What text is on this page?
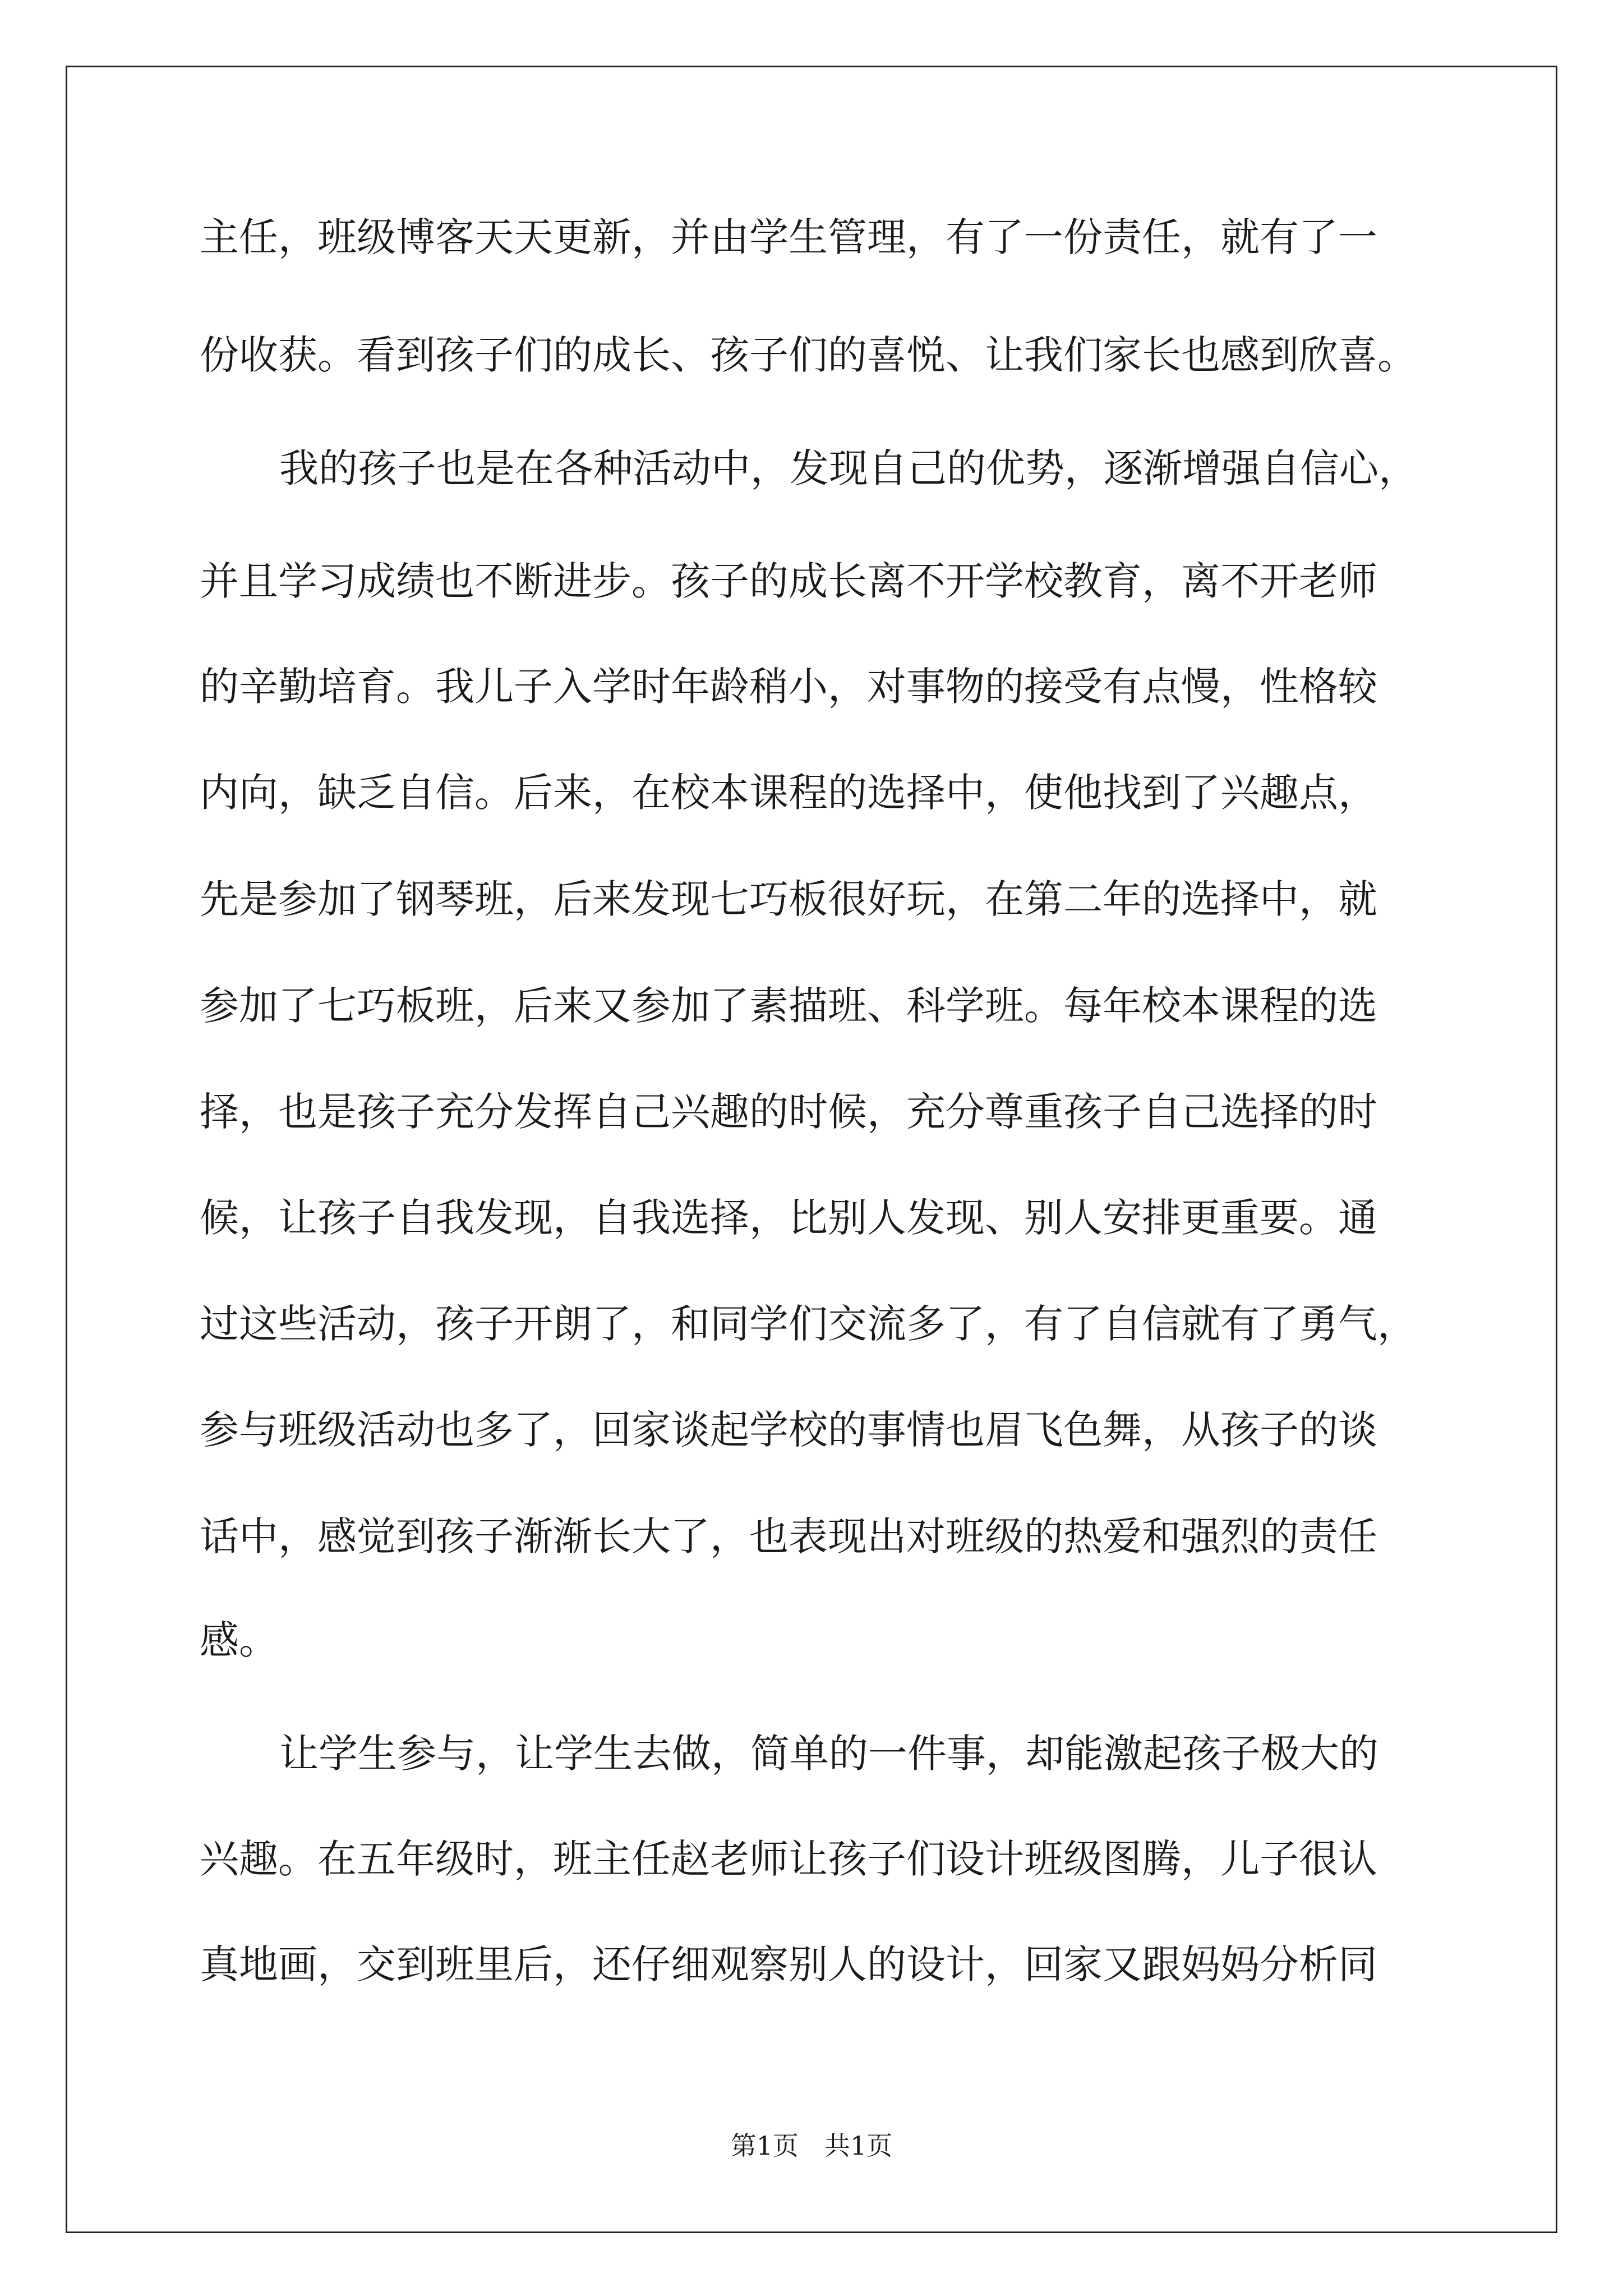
主任，班级博客天天更新，并由学生管理，有了一份责任，就有了一
份收获。看到孩子们的成长、孩子们的喜悦、让我们家长也感到欣喜。
我的孩子也是在各种活动中，发现自己的优势，逐渐增强自信心，
并且学习成绩也不断进步。孩子的成长离不开学校教育，离不开老师
的辛勤培育。我儿子入学时年龄稍小，对事物的接受有点慢，性格较
内向，缺乏自信。后来，在校本课程的选择中，使他找到了兴趣点，
先是参加了钢琴班，后来发现七巧板很好玩，在第二年的选择中，就
参加了七巧板班，后来又参加了素描班、科学班。每年校本课程的选
择，也是孩子充分发挥自己兴趣的时候，充分尊重孩子自己选择的时
候，让孩子自我发现，自我选择，比别人发现、别人安排更重要。通
过这些活动，孩子开朗了，和同学们交流多了，有了自信就有了勇气，
参与班级活动也多了，回家谈起学校的事情也眉飞色舞，从孩子的谈
话中，感觉到孩子渐渐长大了，也表现出对班级的热爱和强烈的责任
感。
让学生参与，让学生去做，简单的一件事，却能激起孩子极大的
兴趣。在五年级时，班主任赵老师让孩子们设计班级图腾，儿子很认
真地画，交到班里后，还仔细观察别人的设计，回家又跟妈妈分析同
第1页　共1页
